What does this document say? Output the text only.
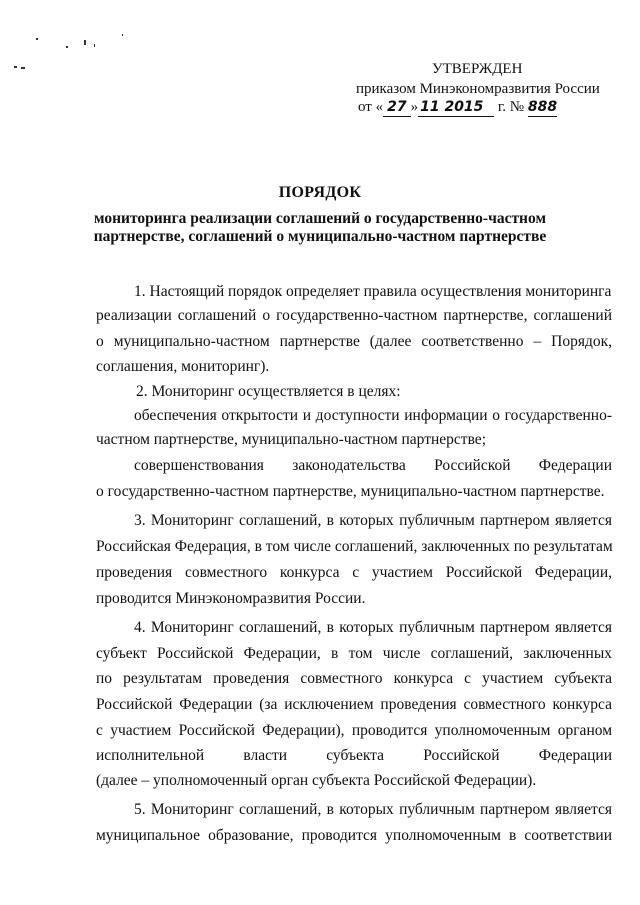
УТВЕРЖДЕН
приказом Минэкономразвития России
от « 27 » 11 2015 г. № 888
ПОРЯДОК
мониторинга реализации соглашений о государственно-частном
партнерстве, соглашений о муниципально-частном партнерстве
1. Настоящий порядок определяет правила осуществления мониторинга
реализации соглашений о государственно-частном партнерстве, соглашений
о муниципально-частном партнерстве (далее соответственно – Порядок,
соглашения, мониторинг).
2. Мониторинг осуществляется в целях:
обеспечения открытости и доступности информации о государственно-
частном партнерстве, муниципально-частном партнерстве;
совершенствования законодательства Российской Федерации
о государственно-частном партнерстве, муниципально-частном партнерстве.
3. Мониторинг соглашений, в которых публичным партнером является
Российская Федерация, в том числе соглашений, заключенных по результатам
проведения совместного конкурса с участием Российской Федерации,
проводится Минэкономразвития России.
4. Мониторинг соглашений, в которых публичным партнером является
субъект Российской Федерации, в том числе соглашений, заключенных
по результатам проведения совместного конкурса с участием субъекта
Российской Федерации (за исключением проведения совместного конкурса
с участием Российской Федерации), проводится уполномоченным органом
исполнительной власти субъекта Российской Федерации
(далее – уполномоченный орган субъекта Российской Федерации).
5. Мониторинг соглашений, в которых публичным партнером является
муниципальное образование, проводится уполномоченным в соответствии
